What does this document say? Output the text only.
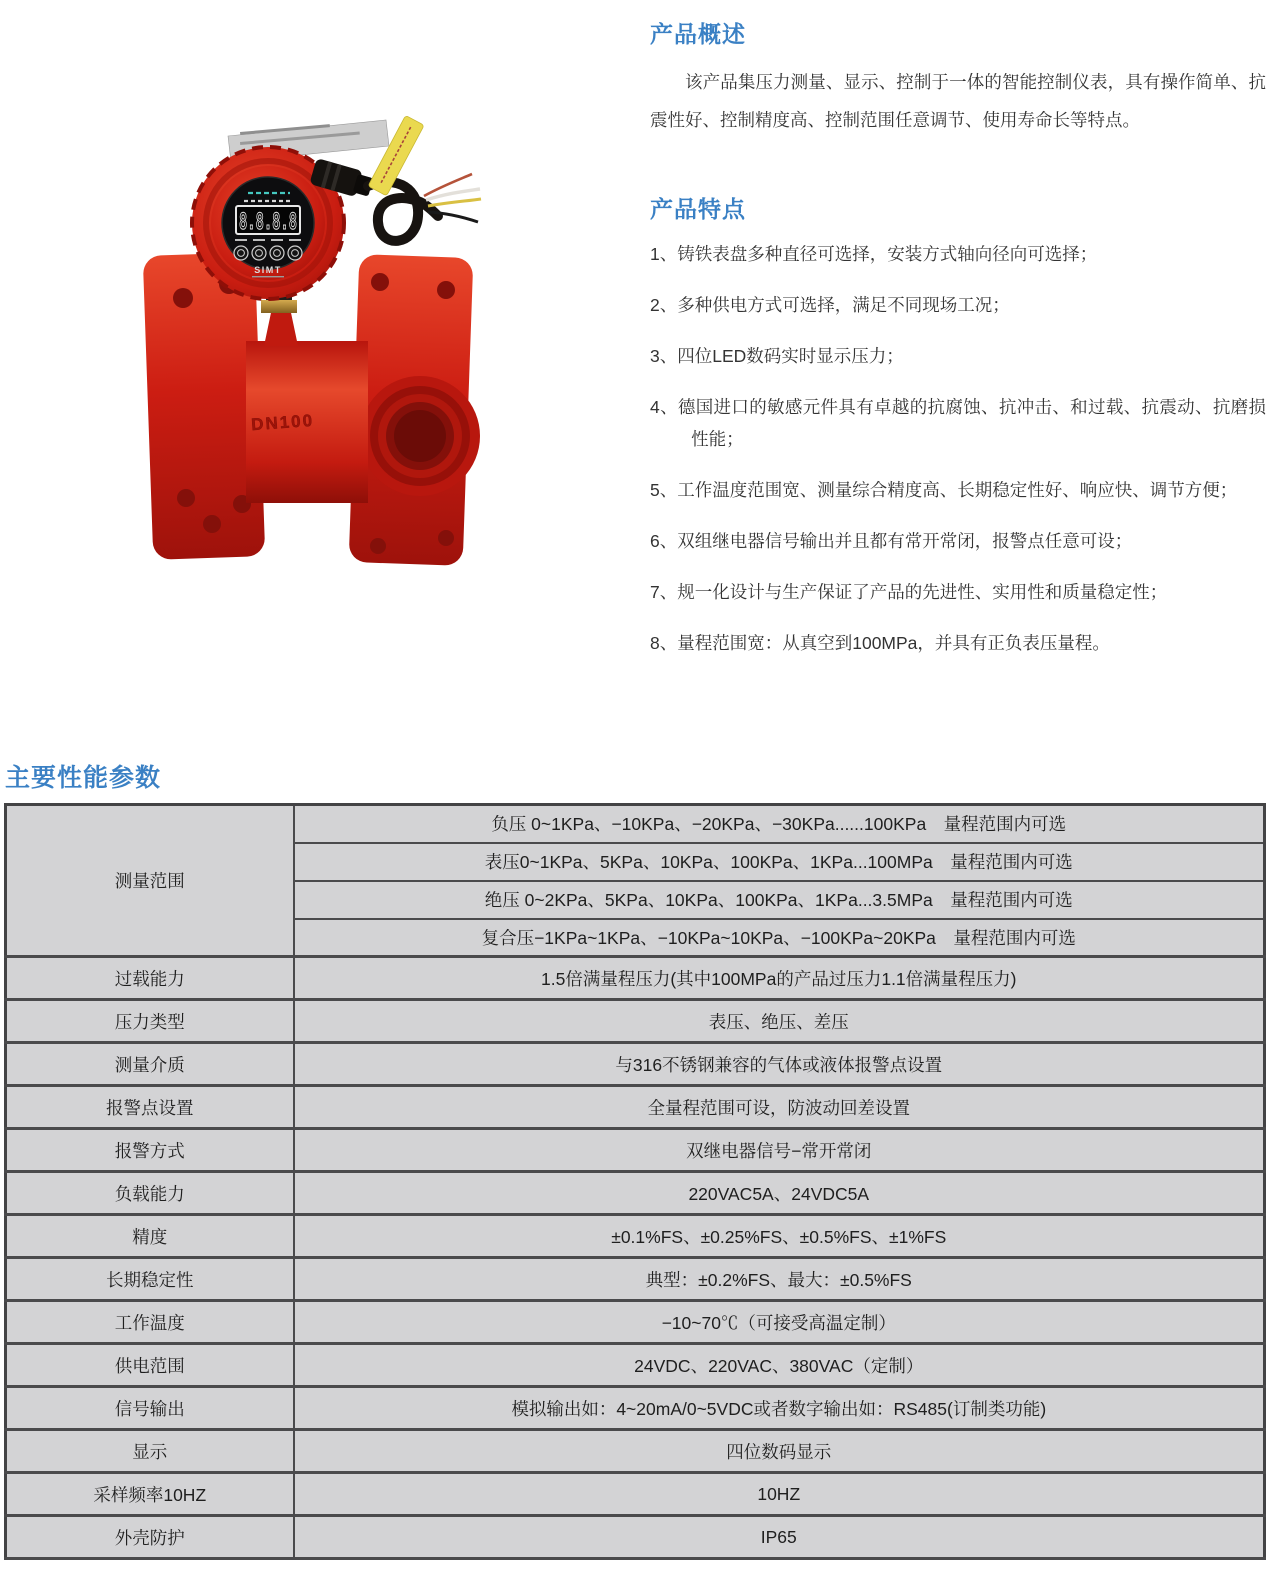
DN100
8.8.8.8
SIMT
产品概述

该产品集压力测量、显示、控制于一体的智能控制仪表，具有操作简单、抗震性好、控制精度高、控制范围任意调节、使用寿命长等特点。

产品特点
1、铸铁表盘多种直径可选择，安装方式轴向径向可选择；
2、多种供电方式可选择，满足不同现场工况；
3、四位LED数码实时显示压力；
4、德国进口的敏感元件具有卓越的抗腐蚀、抗冲击、和过载、抗震动、抗磨损性能；
5、工作温度范围宽、测量综合精度高、长期稳定性好、响应快、调节方便；
6、双组继电器信号输出并且都有常开常闭，报警点任意可设；
7、规一化设计与生产保证了产品的先进性、实用性和质量稳定性；
8、量程范围宽：从真空到100MPa，并具有正负表压量程。
主要性能参数
测量范围	负压 0~1KPa、−10KPa、−20KPa、−30KPa......100KPa　量程范围内可选
	表压0~1KPa、5KPa、10KPa、100KPa、1KPa...100MPa　量程范围内可选
	绝压 0~2KPa、5KPa、10KPa、100KPa、1KPa...3.5MPa　量程范围内可选
	复合压−1KPa~1KPa、−10KPa~10KPa、−100KPa~20KPa　量程范围内可选
过载能力	1.5倍满量程压力(其中100MPa的产品过压力1.1倍满量程压力)
压力类型	表压、绝压、差压
测量介质	与316不锈钢兼容的气体或液体报警点设置
报警点设置	全量程范围可设，防波动回差设置
报警方式	双继电器信号−常开常闭
负载能力	220VAC5A、24VDC5A
精度	±0.1%FS、±0.25%FS、±0.5%FS、±1%FS
长期稳定性	典型：±0.2%FS、最大：±0.5%FS
工作温度	−10~70℃（可接受高温定制）
供电范围	24VDC、220VAC、380VAC（定制）
信号输出	模拟输出如：4~20mA/0~5VDC或者数字输出如：RS485(订制类功能)
显示	四位数码显示
采样频率10HZ	10HZ
外壳防护	IP65
